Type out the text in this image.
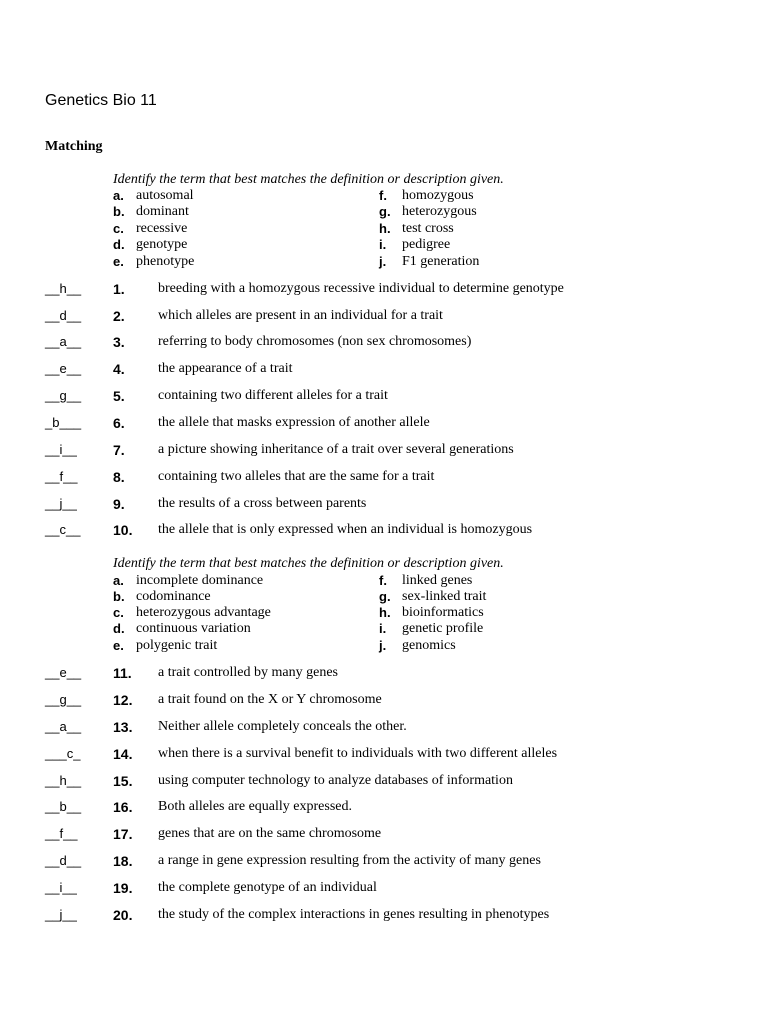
Genetics Bio 11
Matching
Identify the term that best matches the definition or description given.
a. autosomal
b. dominant
c. recessive
d. genotype
e. phenotype
f. homozygous
g. heterozygous
h. test cross
i. pedigree
j. F1 generation
__h__ 1. breeding with a homozygous recessive individual to determine genotype
__d__ 2. which alleles are present in an individual for a trait
__a__ 3. referring to body chromosomes (non sex chromosomes)
__e__ 4. the appearance of a trait
__g__ 5. containing two different alleles for a trait
_b___ 6. the allele that masks expression of another allele
__i__	7. a picture showing inheritance of a trait over several generations
__f__	8. containing two alleles that are the same for a trait
__j__	9. the results of a cross between parents
__c__ 10. the allele that is only expressed when an individual is homozygous
Identify the term that best matches the definition or description given.
a. incomplete dominance
b. codominance
c. heterozygous advantage
d. continuous variation
e. polygenic trait
f. linked genes
g. sex-linked trait
h. bioinformatics
i. genetic profile
j. genomics
__e__ 11. a trait controlled by many genes
__g__ 12. a trait found on the X or Y chromosome
__a__ 13. Neither allele completely conceals the other.
___c_ 14. when there is a survival benefit to individuals with two different alleles
__h__ 15. using computer technology to analyze databases of information
__b__ 16. Both alleles are equally expressed.
__f__	17. genes that are on the same chromosome
__d__ 18. a range in gene expression resulting from the activity of many genes
__i__	19. the complete genotype of an individual
__j__	20. the study of the complex interactions in genes resulting in phenotypes
